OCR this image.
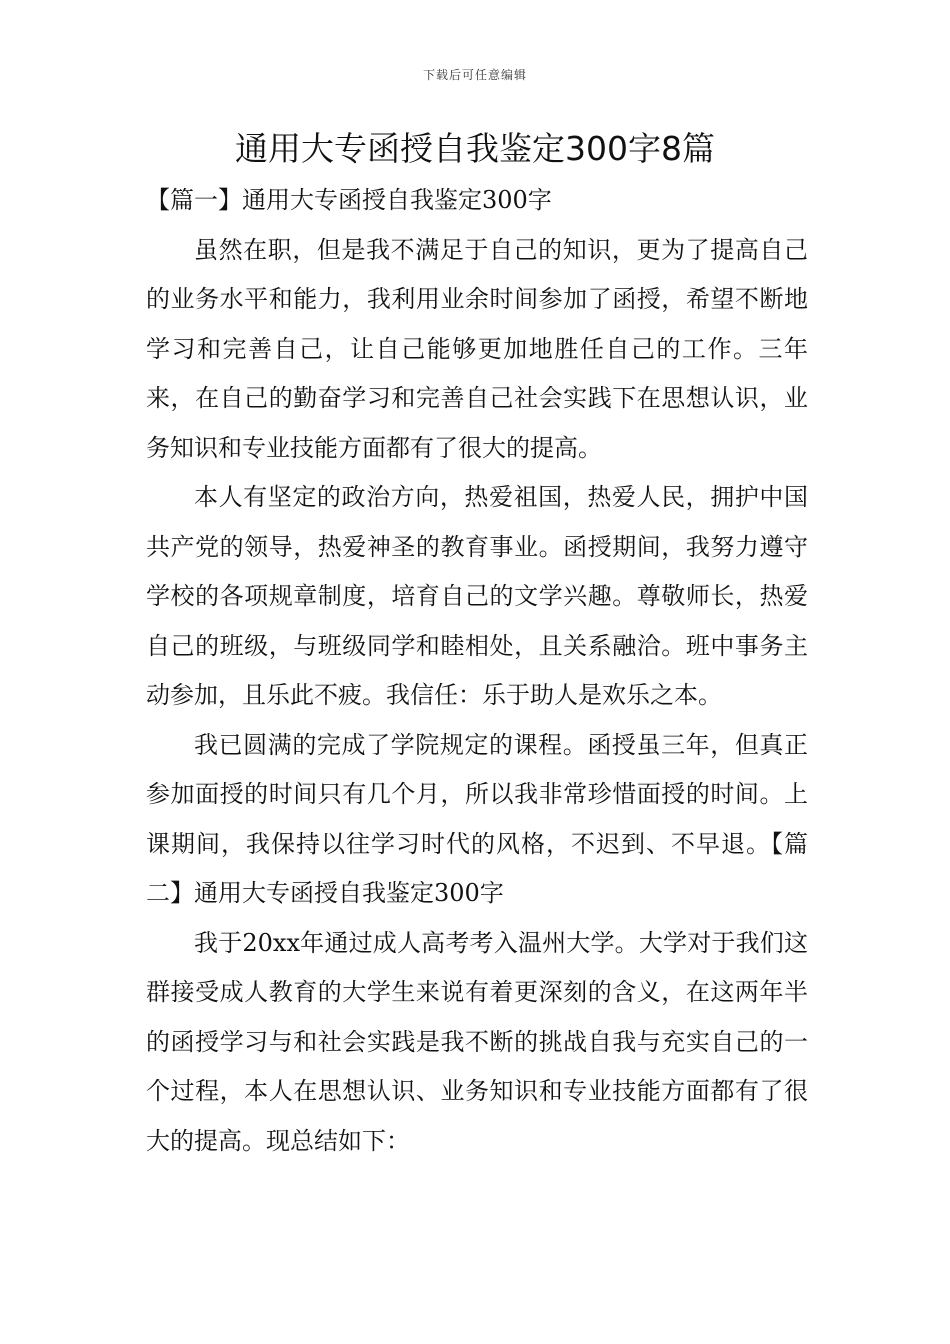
下载后可任意编辑
通用大专函授自我鉴定300字8篇

【篇一】通用大专函授自我鉴定300字

虽然在职，但是我不满足于自己的知识，更为了提高自己的业务水平和能力，我利用业余时间参加了函授，希望不断地学习和完善自己，让自己能够更加地胜任自己的工作。三年来，在自己的勤奋学习和完善自己社会实践下在思想认识，业务知识和专业技能方面都有了很大的提高。

本人有坚定的政治方向，热爱祖国，热爱人民，拥护中国共产党的领导，热爱神圣的教育事业。函授期间，我努力遵守学校的各项规章制度，培育自己的文学兴趣。尊敬师长，热爱自己的班级，与班级同学和睦相处，且关系融洽。班中事务主动参加，且乐此不疲。我信任：乐于助人是欢乐之本。

我已圆满的完成了学院规定的课程。函授虽三年，但真正参加面授的时间只有几个月，所以我非常珍惜面授的时间。上课期间，我保持以往学习时代的风格，不迟到、不早退。【篇二】通用大专函授自我鉴定300字

我于20xx年通过成人高考考入温州大学。大学对于我们这群接受成人教育的大学生来说有着更深刻的含义，在这两年半的函授学习与和社会实践是我不断的挑战自我与充实自己的一个过程，本人在思想认识、业务知识和专业技能方面都有了很大的提高。现总结如下：
